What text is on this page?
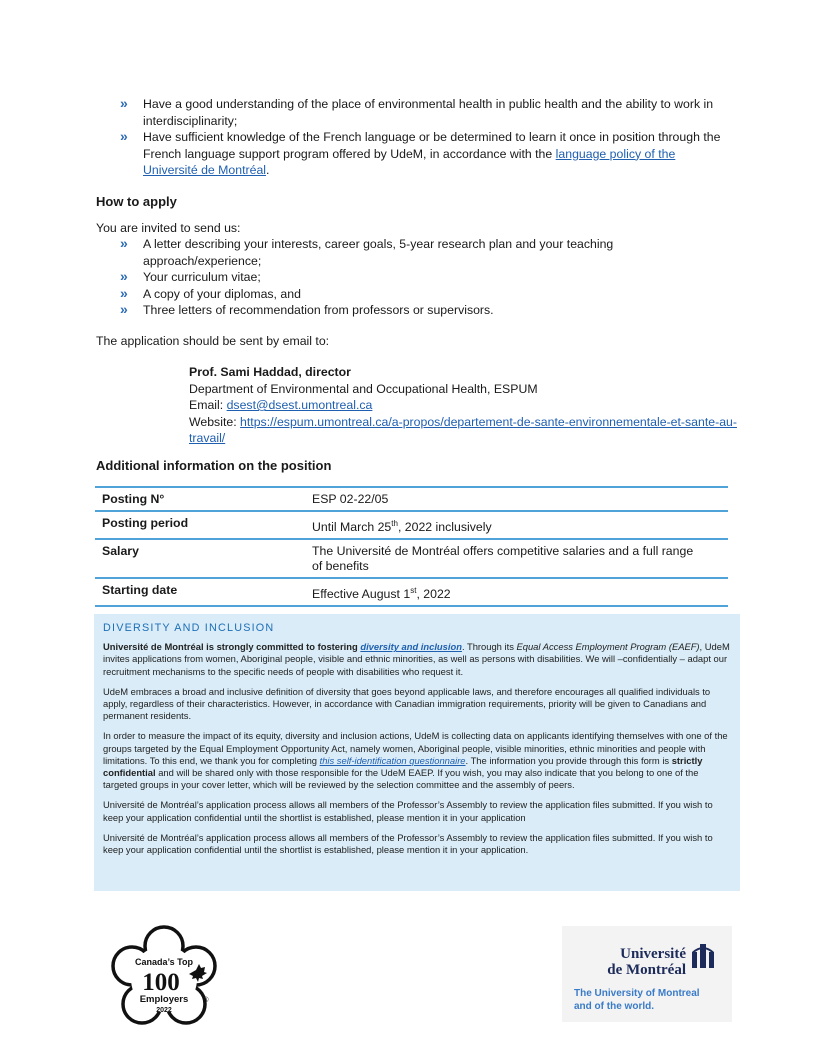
» Have a good understanding of the place of environmental health in public health and the ability to work in interdisciplinarity;
» Have sufficient knowledge of the French language or be determined to learn it once in position through the French language support program offered by UdeM, in accordance with the language policy of the Université de Montréal.
How to apply
You are invited to send us:
» A letter describing your interests, career goals, 5-year research plan and your teaching approach/experience;
» Your curriculum vitae;
» A copy of your diplomas, and
» Three letters of recommendation from professors or supervisors.
The application should be sent by email to:
Prof. Sami Haddad, director
Department of Environmental and Occupational Health, ESPUM
Email: dsest@dsest.umontreal.ca
Website: https://espum.umontreal.ca/a-propos/departement-de-sante-environnementale-et-sante-au-travail/
Additional information on the position
Posting N°	ESP 02-22/05
Posting period	Until March 25th, 2022 inclusively
Salary	The Université de Montréal offers competitive salaries and a full range of benefits
Starting date	Effective August 1st, 2022
DIVERSITY AND INCLUSION

Université de Montréal is strongly committed to fostering diversity and inclusion. Through its Equal Access Employment Program (EAEF), UdeM invites applications from women, Aboriginal people, visible and ethnic minorities, as well as persons with disabilities. We will –confidentially – adapt our recruitment mechanisms to the specific needs of people with disabilities who request it.

UdeM embraces a broad and inclusive definition of diversity that goes beyond applicable laws, and therefore encourages all qualified individuals to apply, regardless of their characteristics. However, in accordance with Canadian immigration requirements, priority will be given to Canadians and permanent residents.

In order to measure the impact of its equity, diversity and inclusion actions, UdeM is collecting data on applicants identifying themselves with one of the groups targeted by the Equal Employment Opportunity Act, namely women, Aboriginal people, visible minorities, ethnic minorities and people with limitations. To this end, we thank you for completing this self-identification questionnaire. The information you provide through this form is strictly confidential and will be shared only with those responsible for the UdeM EAEP. If you wish, you may also indicate that you belong to one of the targeted groups in your cover letter, which will be reviewed by the selection committee and the assembly of peers.

Université de Montréal’s application process allows all members of the Professor’s Assembly to review the application files submitted. If you wish to keep your application confidential until the shortlist is established, please mention it in your application

Université de Montréal’s application process allows all members of the Professor’s Assembly to review the application files submitted. If you wish to keep your application confidential until the shortlist is established, please mention it in your application.

Canada’s Top
100
Employers
2022
®
Université
de Montréal
The University of Montreal
and of the world.
